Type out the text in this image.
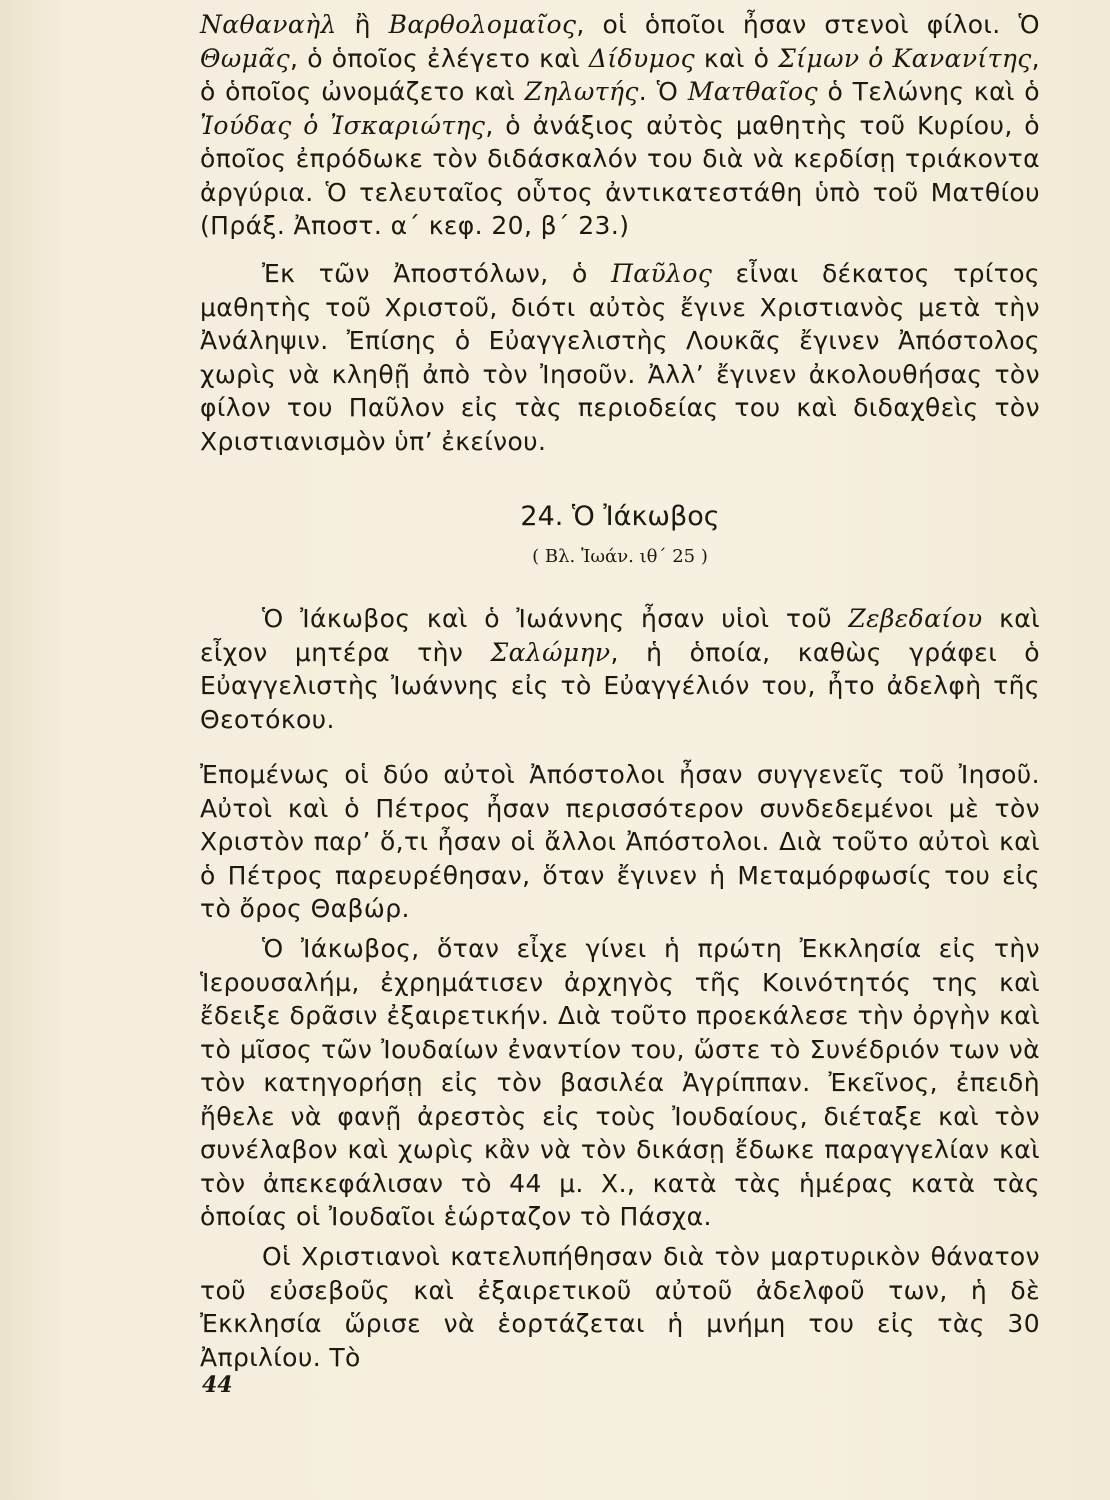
Ναθαναὴλ ἢ Βαρθολομαῖος, οἱ ὁποῖοι ἦσαν στενοὶ φίλοι. Ὁ Θωμᾶς, ὁ ὁποῖος ἐλέγετο καὶ Δίδυμος καὶ ὁ Σίμων ὁ Κανανίτης, ὁ ὁποῖος ὠνομάζετο καὶ Ζηλωτής. Ὁ Ματθαῖος ὁ Τελώνης καὶ ὁ Ἰούδας ὁ Ἰσκαριώτης, ὁ ἀνάξιος αὐτὸς μαθητὴς τοῦ Κυρίου, ὁ ὁποῖος ἐπρόδωκε τὸν διδάσκαλόν του διὰ νὰ κερδίσῃ τριάκοντα ἀργύρια. Ὁ τελευταῖος οὗτος ἀντικατεστάθη ὑπὸ τοῦ Ματθίου (Πράξ. Ἀποστ. α΄ κεφ. 20, β΄ 23.)

Ἐκ τῶν Ἀποστόλων, ὁ Παῦλος εἶναι δέκατος τρίτος μαθητὴς τοῦ Χριστοῦ, διότι αὐτὸς ἔγινε Χριστιανὸς μετὰ τὴν Ἀνάληψιν. Ἐπίσης ὁ Εὐαγγελιστὴς Λουκᾶς ἔγινεν Ἀπόστολος χωρὶς νὰ κληθῇ ἀπὸ τὸν Ἰησοῦν. Ἀλλ’ ἔγινεν ἀκολουθήσας τὸν φίλον του Παῦλον εἰς τὰς περιοδείας του καὶ διδαχθεὶς τὸν Χριστιανισμὸν ὑπ’ ἐκείνου.

24. Ὁ Ἰάκωβος
( Βλ. Ἰωάν. ιθ΄ 25 )

Ὁ Ἰάκωβος καὶ ὁ Ἰωάννης ἦσαν υἱοὶ τοῦ Ζεβεδαίου καὶ εἶχον μητέρα τὴν Σαλώμην, ἡ ὁποία, καθὼς γράφει ὁ Εὐαγγελιστὴς Ἰωάννης εἰς τὸ Εὐαγγέλιόν του, ἦτο ἀδελφὴ τῆς Θεοτόκου.

Ἐπομένως οἱ δύο αὐτοὶ Ἀπόστολοι ἦσαν συγγενεῖς τοῦ Ἰησοῦ. Αὐτοὶ καὶ ὁ Πέτρος ἦσαν περισσότερον συνδεδεμένοι μὲ τὸν Χριστὸν παρ’ ὅ,τι ἦσαν οἱ ἄλλοι Ἀπόστολοι. Διὰ τοῦτο αὐτοὶ καὶ ὁ Πέτρος παρευρέθησαν, ὅταν ἔγινεν ἡ Μεταμόρφωσίς του εἰς τὸ ὄρος Θαβώρ.

Ὁ Ἰάκωβος, ὅταν εἶχε γίνει ἡ πρώτη Ἐκκλησία εἰς τὴν Ἱερουσαλήμ, ἐχρημάτισεν ἀρχηγὸς τῆς Κοινότητός της καὶ ἔδειξε δρᾶσιν ἐξαιρετικήν. Διὰ τοῦτο προεκάλεσε τὴν ὀργὴν καὶ τὸ μῖσος τῶν Ἰουδαίων ἐναντίον του, ὥστε τὸ Συνέδριόν των νὰ τὸν κατηγορήσῃ εἰς τὸν βασιλέα Ἀγρίππαν. Ἐκεῖνος, ἐπειδὴ ἤθελε νὰ φανῇ ἀρεστὸς εἰς τοὺς Ἰουδαίους, διέταξε καὶ τὸν συνέλαβον καὶ χωρὶς κἂν νὰ τὸν δικάσῃ ἔδωκε παραγγελίαν καὶ τὸν ἀπεκεφάλισαν τὸ 44 μ. Χ., κατὰ τὰς ἡμέρας κατὰ τὰς ὁποίας οἱ Ἰουδαῖοι ἑώρταζον τὸ Πάσχα.

Οἱ Χριστιανοὶ κατελυπήθησαν διὰ τὸν μαρτυρικὸν θάνατον τοῦ εὐσεβοῦς καὶ ἐξαιρετικοῦ αὐτοῦ ἀδελφοῦ των, ἡ δὲ Ἐκκλησία ὥρισε νὰ ἑορτάζεται ἡ μνήμη του εἰς τὰς 30 Ἀπριλίου. Τὸ

44
